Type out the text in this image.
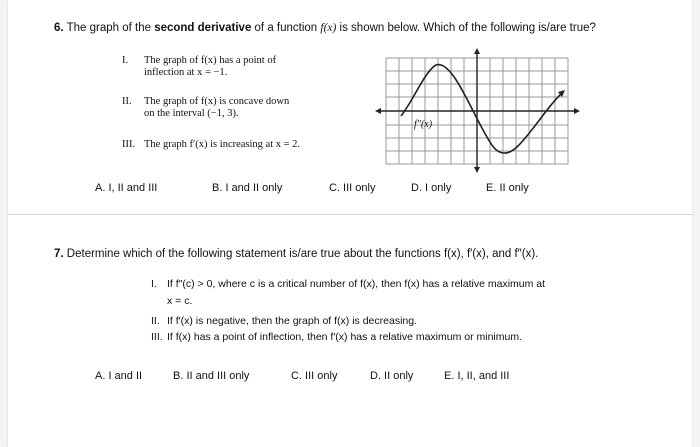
6. The graph of the second derivative of a function f(x) is shown below. Which of the following is/are true?
I. The graph of f(x) has a point of
inflection at x = −1.
II. The graph of f(x) is concave down
on the interval (−1, 3).
III. The graph f′(x) is increasing at x = 2.
f″(x)
A. I, II and III	B. I and II only	C. III only	D. I only	E. II only
7. Determine which of the following statement is/are true about the functions f(x), f′(x), and f″(x).
I. If f″(c) > 0, where c is a critical number of f(x), then f(x) has a relative maximum at
x = c.
II. If f′(x) is negative, then the graph of f(x) is decreasing.
III. If f(x) has a point of inflection, then f′(x) has a relative maximum or minimum.
A. I and II	B. II and III only	C. III only	D. II only	E. I, II, and III
